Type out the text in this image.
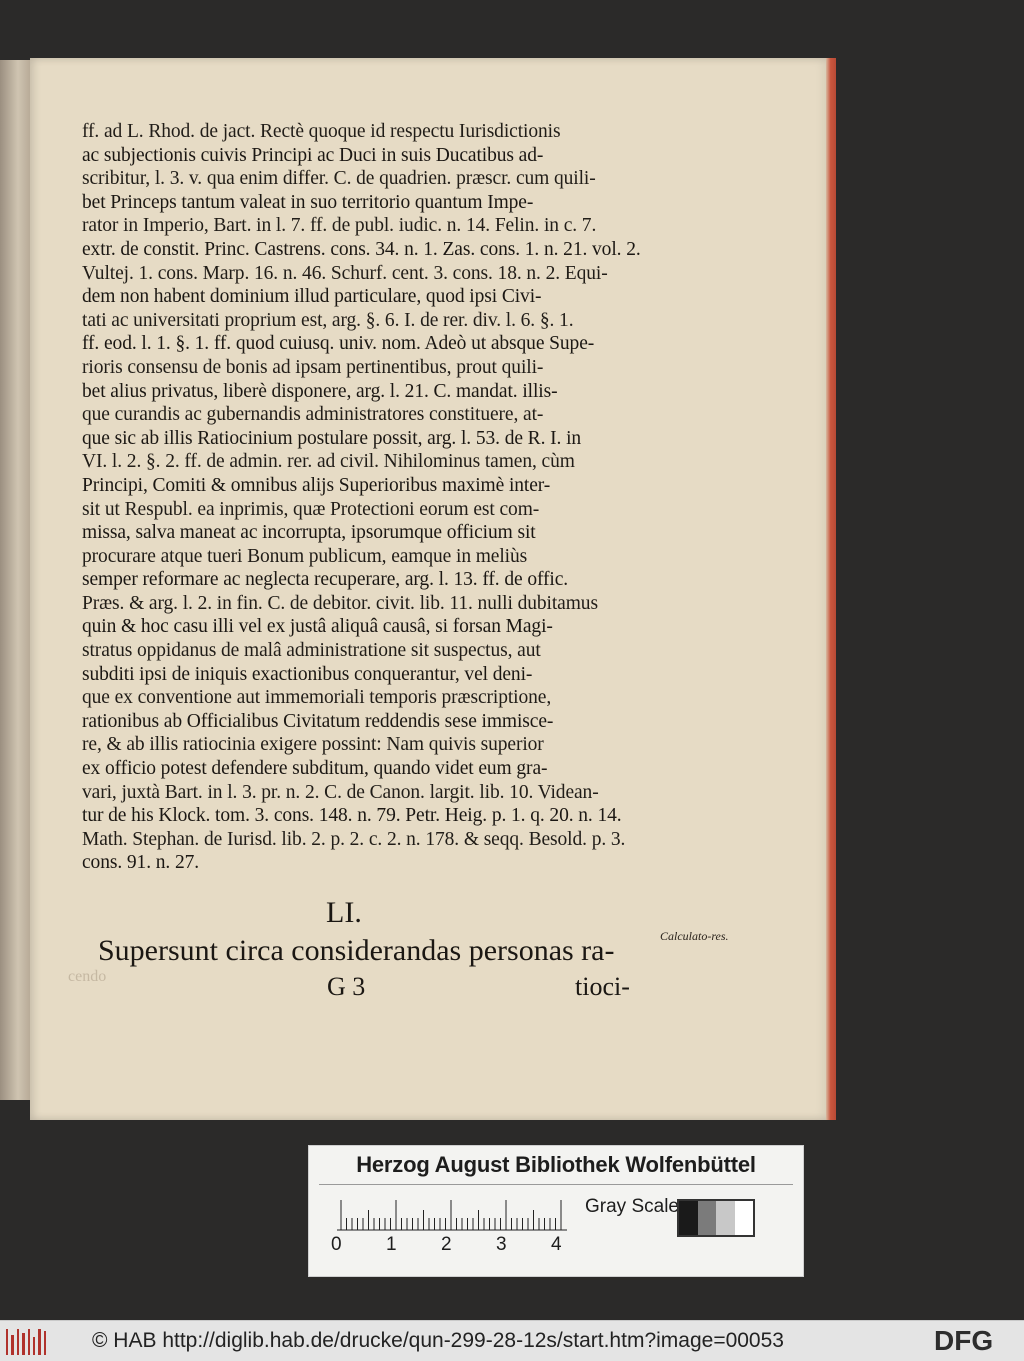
ff. ad L. Rhod. de jact. Rectè quoque id respectu Iurisdictionis
ac subjectionis cuivis Principi ac Duci in suis Ducatibus ad-
scribitur, l. 3. v. qua enim differ. C. de quadrien. præscr. cum quili-
bet Princeps tantum valeat in suo territorio quantum Impe-
rator in Imperio, Bart. in l. 7. ff. de publ. iudic. n. 14. Felin. in c. 7.
extr. de constit. Princ. Castrens. cons. 34. n. 1. Zas. cons. 1. n. 21. vol. 2.
Vultej. 1. cons. Marp. 16. n. 46. Schurf. cent. 3. cons. 18. n. 2. Equi-
dem non habent dominium illud particulare, quod ipsi Civi-
tati ac universitati proprium est, arg. §. 6. I. de rer. div. l. 6. §. 1.
ff. eod. l. 1. §. 1. ff. quod cuiusq. univ. nom. Adeò ut absque Supe-
rioris consensu de bonis ad ipsam pertinentibus, prout quili-
bet alius privatus, liberè disponere, arg. l. 21. C. mandat. illis-
que curandis ac gubernandis administratores constituere, at-
que sic ab illis Ratiocinium postulare possit, arg. l. 53. de R. I. in
VI. l. 2. §. 2. ff. de admin. rer. ad civil. Nihilominus tamen, cùm
Principi, Comiti & omnibus alijs Superioribus maximè inter-
sit ut Respubl. ea inprimis, quæ Protectioni eorum est com-
missa, salva maneat ac incorrupta, ipsorumque officium sit
procurare atque tueri Bonum publicum, eamque in meliùs
semper reformare ac neglecta recuperare, arg. l. 13. ff. de offic.
Præs. & arg. l. 2. in fin. C. de debitor. civit. lib. 11. nulli dubitamus
quin & hoc casu illi vel ex justâ aliquâ causâ, si forsan Magi-
stratus oppidanus de malâ administratione sit suspectus, aut
subditi ipsi de iniquis exactionibus conquerantur, vel deni-
que ex conventione aut immemoriali temporis præscriptione,
rationibus ab Officialibus Civitatum reddendis sese immisce-
re, & ab illis ratiocinia exigere possint: Nam quivis superior
ex officio potest defendere subditum, quando videt eum gra-
vari, juxtà Bart. in l. 3. pr. n. 2. C. de Canon. largit. lib. 10. Videan-
tur de his Klock. tom. 3. cons. 148. n. 79. Petr. Heig. p. 1. q. 20. n. 14.
Math. Stephan. de Iurisd. lib. 2. p. 2. c. 2. n. 178. & seqq. Besold. p. 3.
cons. 91. n. 27.
LI.
Supersunt circa considerandas personas ra-	Calculato-res.
cendo	G 3	tioci-
Herzog August Bibliothek Wolfenbüttel
0 1 2 3 4
Gray Scale
© HAB http://diglib.hab.de/drucke/qun-299-28-12s/start.htm?image=00053	DFG
